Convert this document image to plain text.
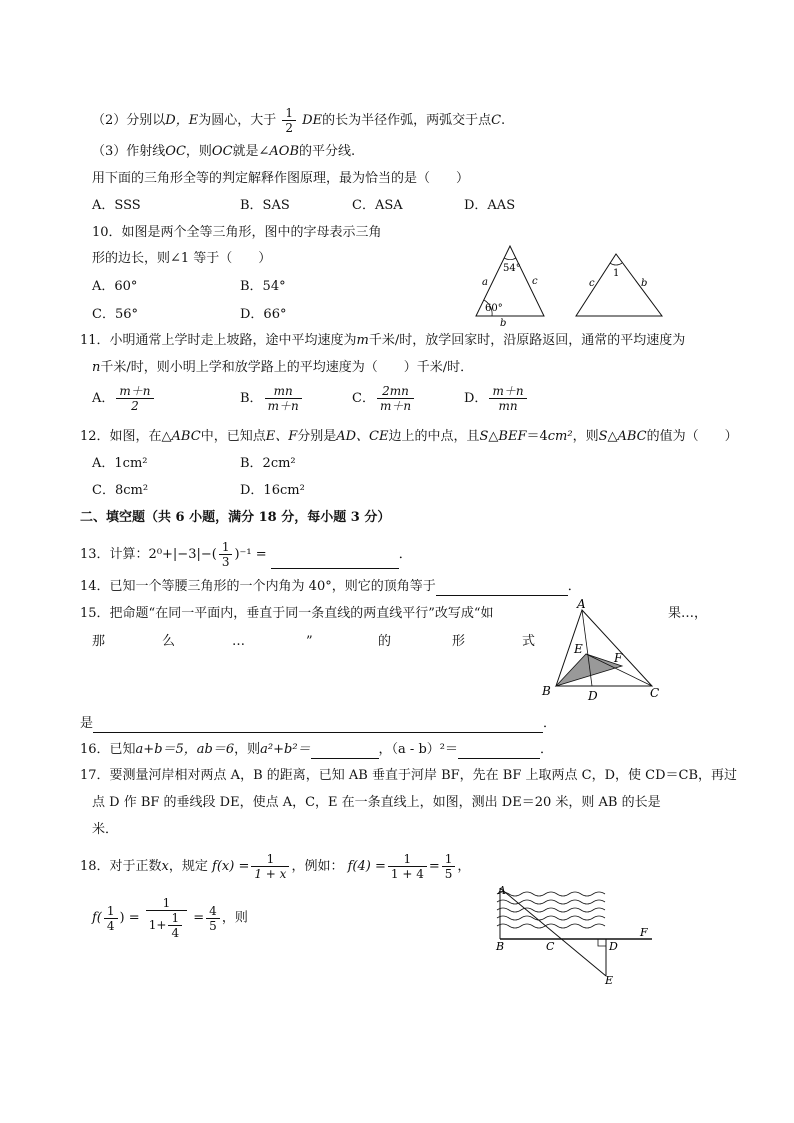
（2）分别以D，E为圆心，大于 $\frac{1}{2}$ DE的长为半径作弧，两弧交于点C.
（3）作射线OC，则OC就是∠AOB的平分线.
用下面的三角形全等的判定解释作图原理，最为恰当的是（　　）
A．SSS	B．SAS	C．ASA	D．AAS
10．如图是两个全等三角形，图中的字母表示三角
形的边长，则∠1 等于（　　）
A．60°	B．54°
C．56°	D．66°
54°
60°
a	c
b
1
c	b
11．小明通常上学时走上坡路，途中平均速度为m千米/时，放学回家时，沿原路返回，通常的平均速度为
n千米/时，则小明上学和放学路上的平均速度为（　　）千米/时．
A． $\frac{m+n}{2}$	B． $\frac{mn}{m+n}$	C． $\frac{2mn}{m+n}$	D． $\frac{m+n}{mn}$
12．如图，在△ABC中，已知点E、F分别是AD、CE边上的中点，且S△BEF＝4cm²，则S△ABC的值为（　　）
A．1cm²	B．2cm²
C．8cm²	D．16cm²
二、填空题（共 6 小题，满分 18 分，每小题 3 分）
13．计算：$2^0+|-3|-( \frac{1}{3} )^{-1}$ =	．
14．已知一个等腰三角形的一个内角为 40°，则它的顶角等于	．
15．把命题“在同一平面内，垂直于同一条直线的两直线平行”改写成“如	果…，
那	么	…	”	的	形	式
是	．
A
B	C
D
E
F
16．已知a+b＝5，ab＝6，则a²+b²＝	，（a - b）²＝	．
17．要测量河岸相对两点 A，B 的距离，已知 AB 垂直于河岸 BF，先在 BF 上取两点 C，D，使 CD＝CB，再过
点 D 作 BF 的垂线段 DE，使点 A，C，E 在一条直线上，如图，测出 DE＝20 米，则 AB 的长是
米．
18．对于正数x，规定 $f(x) = \frac{1}{1 + x}$ ，例如： $f(4) = \frac{1}{1 + 4} = \frac{1}{5}$ ，
$f( \frac{1}{4}$ ) = $\frac{1}{1+ \frac{1}{4}} = \frac{4}{5}$ ，则
A
B	C	D
E
F
